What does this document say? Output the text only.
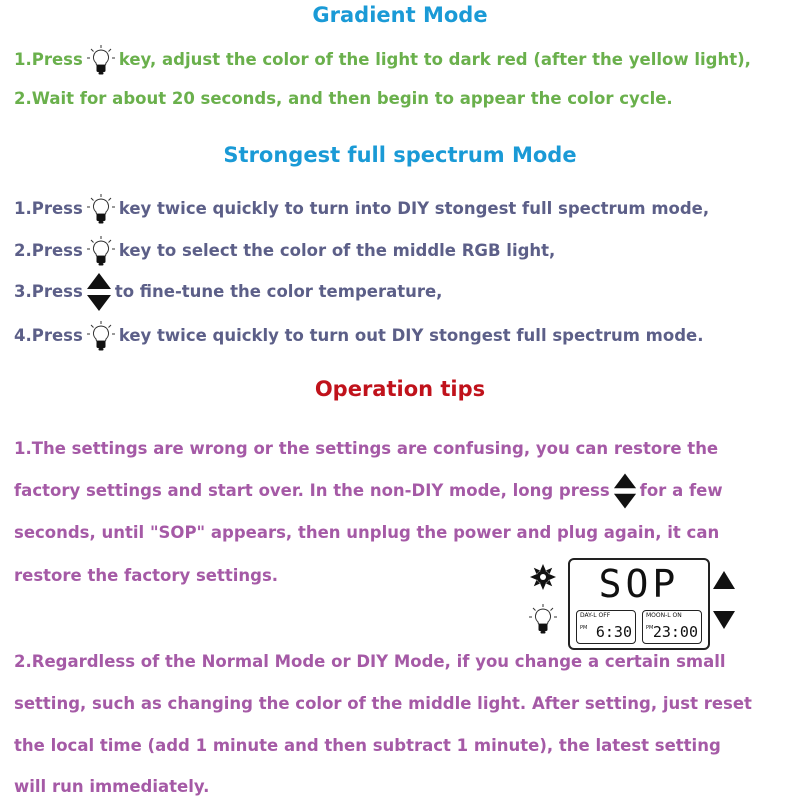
Gradient Mode
1.Press key, adjust the color of the light to dark red (after the yellow light),
2.Wait for about 20 seconds, and then begin to appear the color cycle.
Strongest full spectrum Mode
1.Press key twice quickly to turn into DIY stongest full spectrum mode,
2.Press key to select the color of the middle RGB light,
3.Press to fine-tune the color temperature,
4.Press key twice quickly to turn out DIY stongest full spectrum mode.
Operation tips
1.The settings are wrong or the settings are confusing, you can restore the
factory settings and start over. In the non-DIY mode, long press for a few
seconds, until "SOP" appears, then unplug the power and plug again, it can
restore the factory settings.	SOP
DAY-L OFF
PM 6:30
MOON-L ON
PM 23:00
2.Regardless of the Normal Mode or DIY Mode, if you change a certain small
setting, such as changing the color of the middle light. After setting, just reset
the local time (add 1 minute and then subtract 1 minute), the latest setting
will run immediately.
